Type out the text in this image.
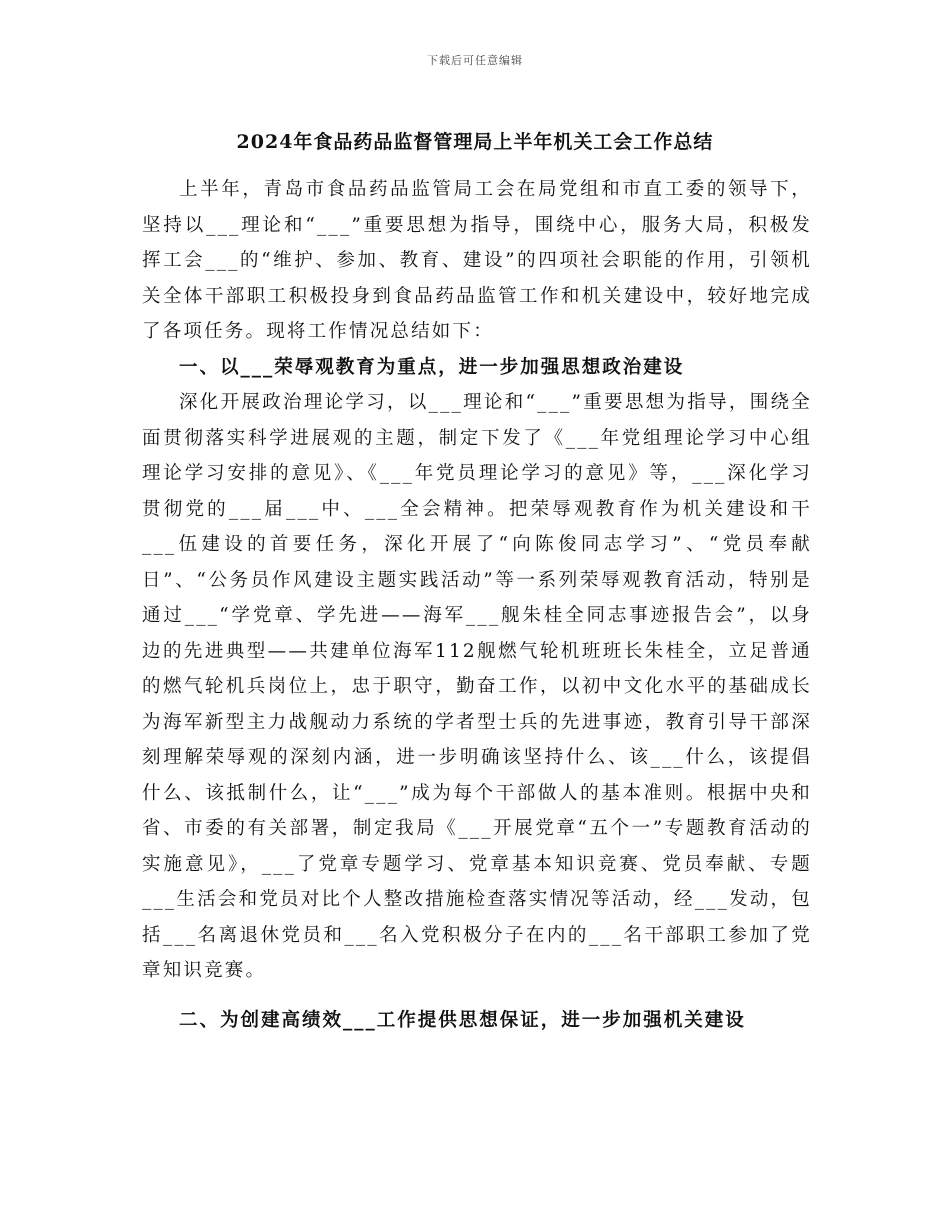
下载后可任意编辑
2024年食品药品监督管理局上半年机关工会工作总结

上半年，青岛市食品药品监管局工会在局党组和市直工委的领导下，坚持以___理论和“___”重要思想为指导，围绕中心，服务大局，积极发挥工会___的“维护、参加、教育、建设”的四项社会职能的作用，引领机关全体干部职工积极投身到食品药品监管工作和机关建设中，较好地完成了各项任务。现将工作情况总结如下：

一、以___荣辱观教育为重点，进一步加强思想政治建设

深化开展政治理论学习，以___理论和“___”重要思想为指导，围绕全面贯彻落实科学进展观的主题，制定下发了《___年党组理论学习中心组理论学习安排的意见》、《___年党员理论学习的意见》等，___深化学习贯彻党的___届___中、___全会精神。把荣辱观教育作为机关建设和干___伍建设的首要任务，深化开展了“向陈俊同志学习”、“党员奉献日”、“公务员作风建设主题实践活动”等一系列荣辱观教育活动，特别是通过___“学党章、学先进——海军___舰朱桂全同志事迹报告会”，以身边的先进典型——共建单位海军112舰燃气轮机班班长朱桂全，立足普通的燃气轮机兵岗位上，忠于职守，勤奋工作，以初中文化水平的基础成长为海军新型主力战舰动力系统的学者型士兵的先进事迹，教育引导干部深刻理解荣辱观的深刻内涵，进一步明确该坚持什么、该___什么，该提倡什么、该抵制什么，让“___”成为每个干部做人的基本准则。根据中央和省、市委的有关部署，制定我局《___开展党章“五个一”专题教育活动的实施意见》，___了党章专题学习、党章基本知识竞赛、党员奉献、专题___生活会和党员对比个人整改措施检查落实情况等活动，经___发动，包括___名离退休党员和___名入党积极分子在内的___名干部职工参加了党章知识竞赛。

二、为创建高绩效___工作提供思想保证，进一步加强机关建设
